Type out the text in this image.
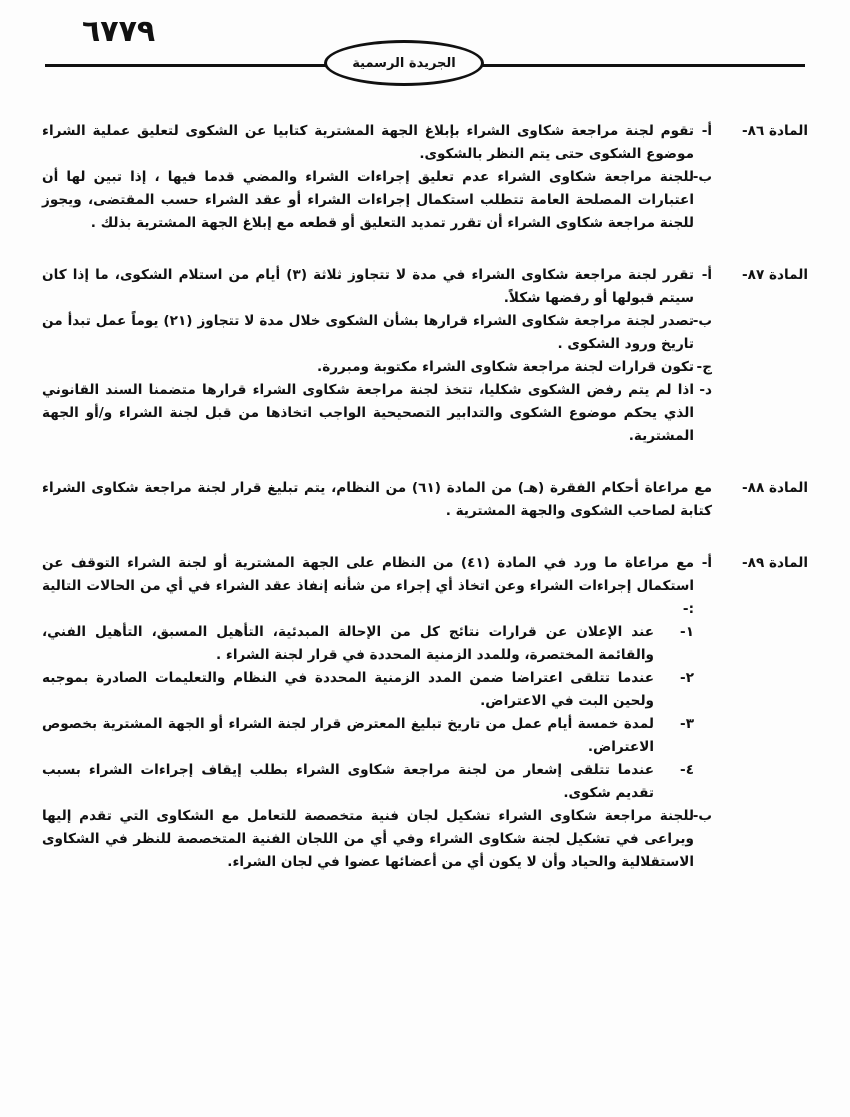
٦٧٧٩
الجريدة الرسمية
المادة ٨٦-
أ-
تقوم لجنة مراجعة شكاوى الشراء بإبلاغ الجهة المشترية كتابيا عن الشكوى لتعليق عملية الشراء موضوع الشكوى حتى يتم النظر بالشكوى.
ب-
للجنة مراجعة شكاوى الشراء عدم تعليق إجراءات الشراء والمضي قدما فيها ، إذا تبين لها أن اعتبارات المصلحة العامة تتطلب استكمال إجراءات الشراء أو عقد الشراء حسب المقتضى، ويجوز للجنة مراجعة شكاوى الشراء أن تقرر تمديد التعليق أو قطعه مع إبلاغ الجهة المشترية بذلك .
المادة ٨٧-
أ-
تقرر لجنة مراجعة شكاوى الشراء في مدة لا تتجاوز ثلاثة (٣) أيام من استلام الشكوى، ما إذا كان سيتم قبولها أو رفضها شكلاً.
ب-
تصدر لجنة مراجعة شكاوى الشراء قرارها بشأن الشكوى خلال مدة لا تتجاوز (٢١) يوماً عمل تبدأ من تاريخ ورود الشكوى .
ج-
تكون قرارات لجنة مراجعة شكاوى الشراء مكتوبة ومبررة.
د-
اذا لم يتم رفض الشكوى شكليا، تتخذ لجنة مراجعة شكاوى الشراء قرارها متضمنا السند القانوني الذي يحكم موضوع الشكوى والتدابير التصحيحية الواجب اتخاذها من قبل لجنة الشراء و/أو الجهة المشترية.
المادة ٨٨-
مع مراعاة أحكام الفقرة (هـ) من المادة (٦١) من النظام، يتم تبليغ قرار لجنة مراجعة شكاوى الشراء كتابة لصاحب الشكوى والجهة المشترية .
المادة ٨٩-
أ-
مع مراعاة ما ورد في المادة (٤١) من النظام على الجهة المشترية أو لجنة الشراء التوقف عن استكمال إجراءات الشراء وعن اتخاذ أي إجراء من شأنه إنفاذ عقد الشراء في أي من الحالات التالية :-
١-
عند الإعلان عن قرارات نتائج كل من الإحالة المبدئية، التأهيل المسبق، التأهيل الفني، والقائمة المختصرة، وللمدد الزمنية المحددة في قرار لجنة الشراء .
٢-
عندما تتلقى اعتراضا ضمن المدد الزمنية المحددة في النظام والتعليمات الصادرة بموجبه ولحين البت في الاعتراض.
٣-
لمدة خمسة أيام عمل من تاريخ تبليغ المعترض قرار لجنة الشراء أو الجهة المشترية بخصوص الاعتراض.
٤-
عندما تتلقى إشعار من لجنة مراجعة شكاوى الشراء بطلب إيقاف إجراءات الشراء بسبب تقديم شكوى.
ب-
للجنة مراجعة شكاوى الشراء تشكيل لجان فنية متخصصة للتعامل مع الشكاوى التي تقدم إليها ويراعى في تشكيل لجنة شكاوى الشراء وفي أي من اللجان الفنية المتخصصة للنظر في الشكاوى الاستقلالية والحياد وأن لا يكون أي من أعضائها عضوا في لجان الشراء.
